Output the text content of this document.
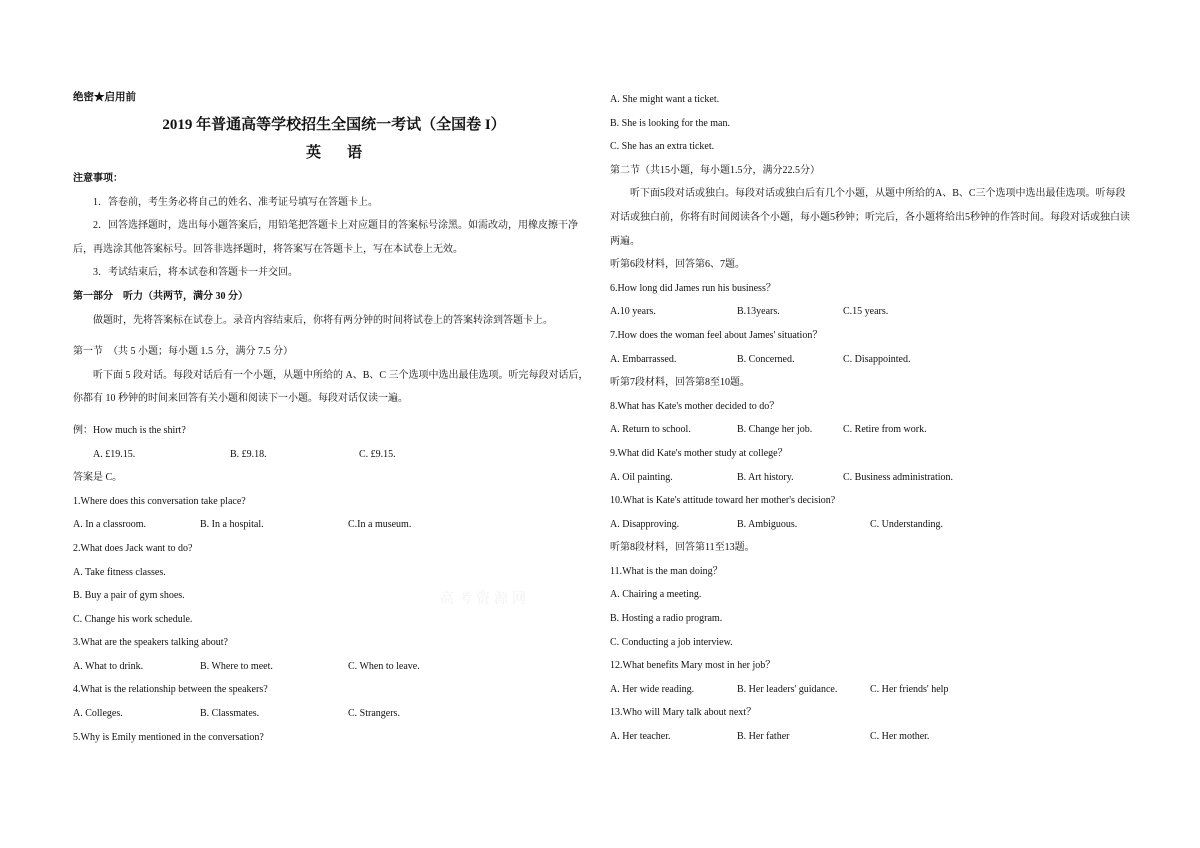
绝密★启用前
2019 年普通高等学校招生全国统一考试（全国卷 I）
英语
注意事项：
1．答卷前，考生务必将自己的姓名、准考证号填写在答题卡上。
2．回答选择题时，选出每小题答案后，用铅笔把答题卡上对应题目的答案标号涂黑。如需改动，用橡皮擦干净后，再选涂其他答案标号。回答非选择题时，将答案写在答题卡上，写在本试卷上无效。
3．考试结束后，将本试卷和答题卡一并交回。
第一部分　听力（共两节，满分 30 分）
做题时，先将答案标在试卷上。录音内容结束后，你将有两分钟的时间将试卷上的答案转涂到答题卡上。
第一节　（共 5 小题；每小题 1.5 分，满分 7.5 分）
听下面 5 段对话。每段对话后有一个小题，从题中所给的 A、B、C 三个选项中选出最佳选项。听完每段对话后，你都有 10 秒钟的时间来回答有关小题和阅读下一小题。每段对话仅读一遍。
例：How much is the shirt?
A. £19.15.	B. £9.18.	C. £9.15.
答案是 C。
1.Where does this conversation take place?
A. In a classroom.	B. In a hospital.	C.In a museum.
2.What does Jack want to do?
A. Take fitness classes.
B. Buy a pair of gym shoes.
C. Change his work schedule.
3.What are the speakers talking about?
A. What to drink.	B. Where to meet.	C. When to leave.
4.What is the relationship between the speakers?
A. Colleges.	B. Classmates.	C. Strangers.
5.Why is Emily mentioned in the conversation?
A. She might want a ticket.
B. She is looking for the man.
C. She has an extra ticket.
第二节（共15小题，每小题1.5分，满分22.5分）
听下面5段对话或独白。每段对话或独白后有几个小题，从题中所给的A、B、C三个选项中选出最佳选项。听每段对话或独白前，你将有时间阅读各个小题，每小题5秒钟；听完后，各小题将给出5秒钟的作答时间。每段对话或独白读两遍。
听第6段材料，回答第6、7题。
6.How long did James run his business？
A.10 years.	B.13years.	C.15 years.
7.How does the woman feel about James' situation？
A. Embarrassed.	B. Concerned.	C. Disappointed.
听第7段材料，回答第8至10题。
8.What has Kate's mother decided to do？
A. Return to school.	B. Change her job.	C. Retire from work.
9.What did Kate's mother study at college？
A. Oil painting.	B. Art history.	C. Business administration.
10.What is Kate's attitude toward her mother's decision?
A. Disapproving.	B. Ambiguous.	C. Understanding.
听第8段材料，回答第11至13题。
11.What is the man doing？
A. Chairing a meeting.
B. Hosting a radio program.
C. Conducting a job interview.
12.What benefits Mary most in her job？
A. Her wide reading.	B. Her leaders' guidance.	C. Her friends' help
13.Who will Mary talk about next？
A. Her teacher.	B. Her father	C. Her mother.
高考资源网
